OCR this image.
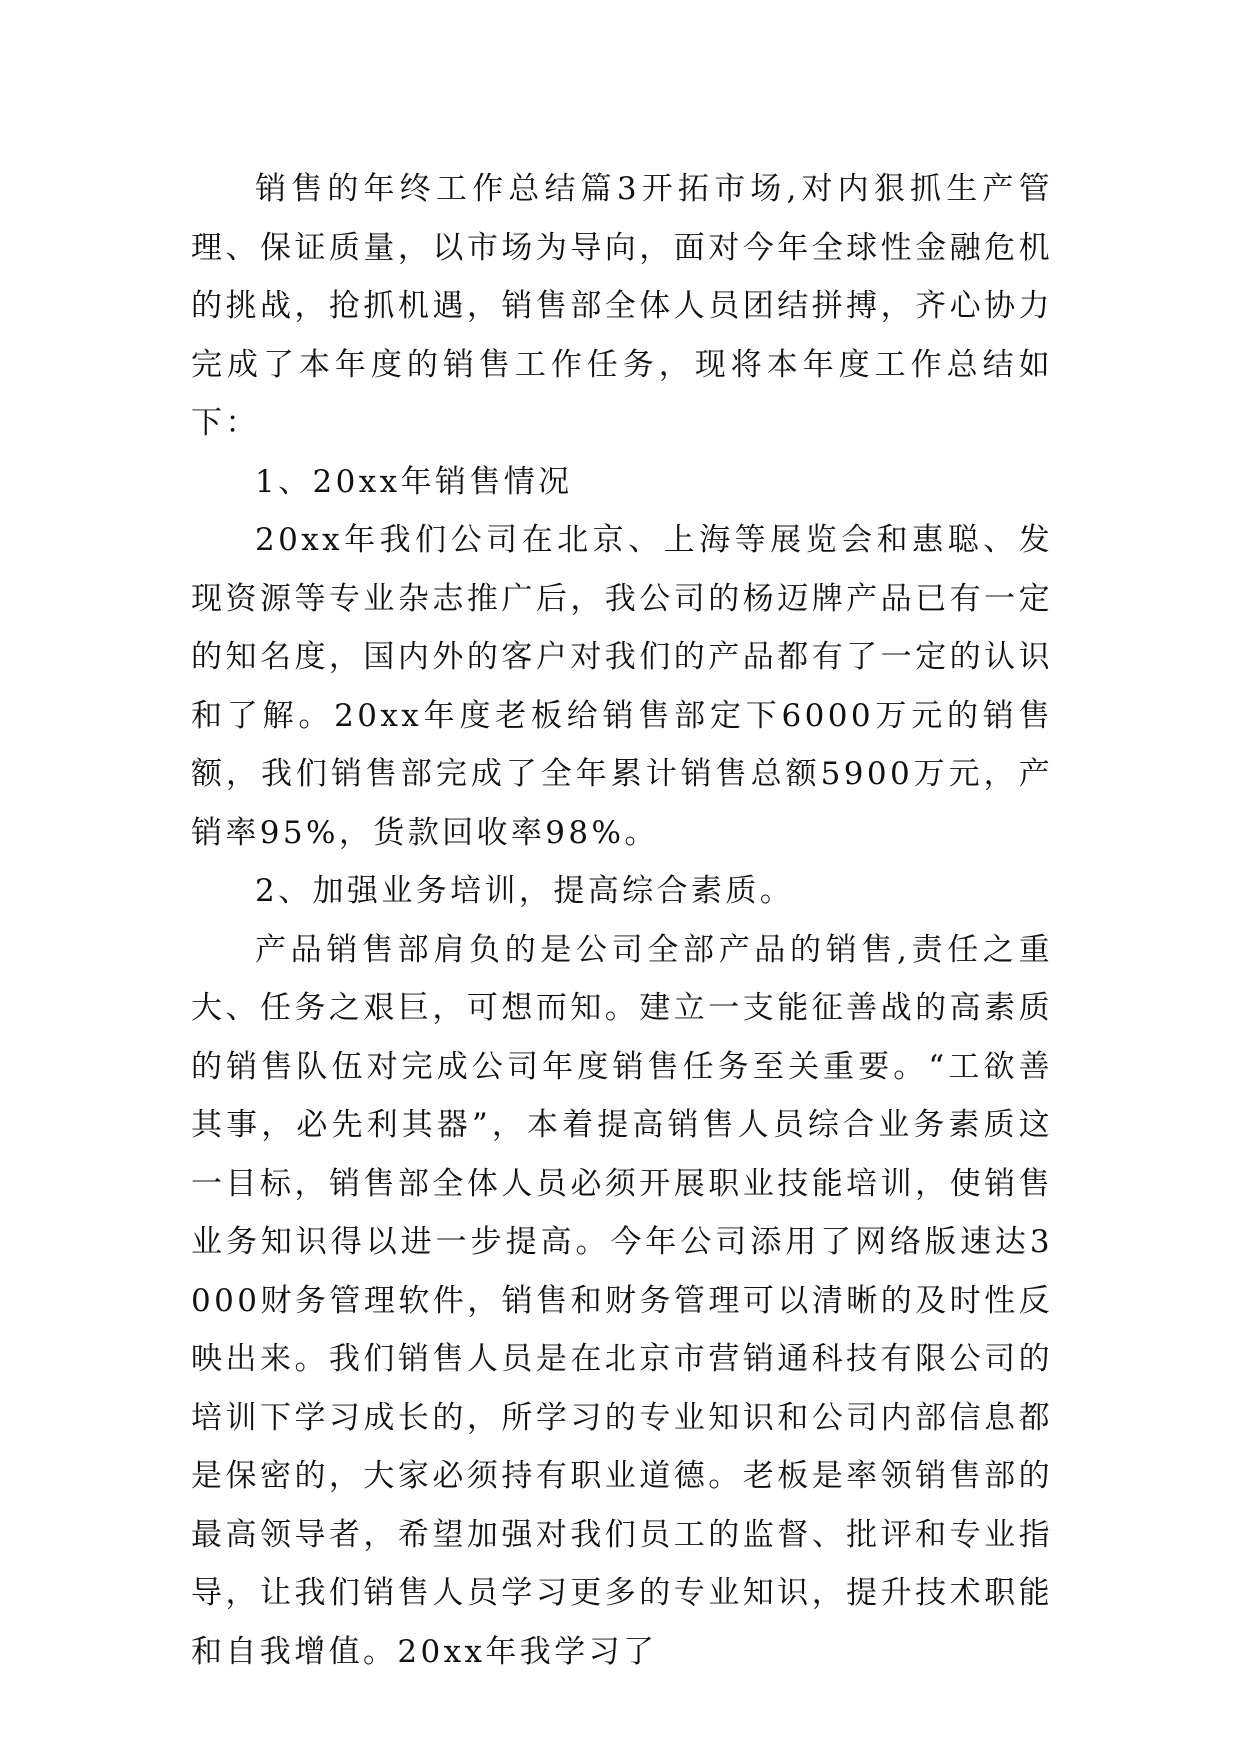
销售的年终工作总结篇3开拓市场,对内狠抓生产管理、保证质量，以市场为导向，面对今年全球性金融危机的挑战，抢抓机遇，销售部全体人员团结拼搏，齐心协力完成了本年度的销售工作任务，现将本年度工作总结如下：

1、20xx年销售情况

20xx年我们公司在北京、上海等展览会和惠聪、发现资源等专业杂志推广后，我公司的杨迈牌产品已有一定的知名度，国内外的客户对我们的产品都有了一定的认识和了解。20xx年度老板给销售部定下6000万元的销售额，我们销售部完成了全年累计销售总额5900万元，产销率95%，货款回收率98%。

2、加强业务培训，提高综合素质。

产品销售部肩负的是公司全部产品的销售,责任之重大、任务之艰巨，可想而知。建立一支能征善战的高素质的销售队伍对完成公司年度销售任务至关重要。“工欲善其事，必先利其器”，本着提高销售人员综合业务素质这一目标，销售部全体人员必须开展职业技能培训，使销售业务知识得以进一步提高。今年公司添用了网络版速达3000财务管理软件，销售和财务管理可以清晰的及时性反映出来。我们销售人员是在北京市营销通科技有限公司的培训下学习成长的，所学习的专业知识和公司内部信息都是保密的，大家必须持有职业道德。老板是率领销售部的最高领导者，希望加强对我们员工的监督、批评和专业指导，让我们销售人员学习更多的专业知识，提升技术职能和自我增值。20xx年我学习了
